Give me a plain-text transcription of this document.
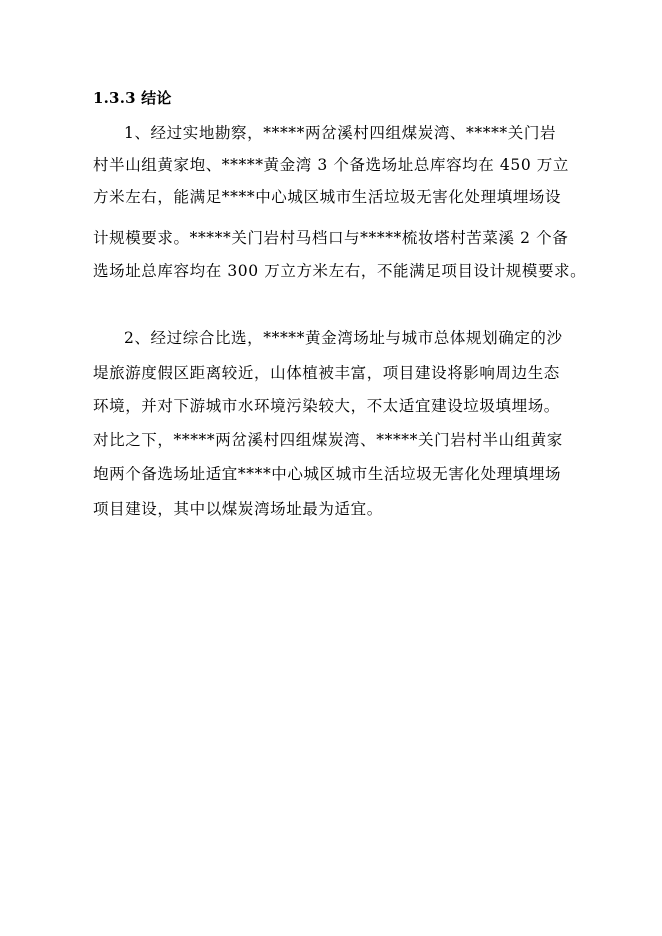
1.3.3 结论
1、经过实地勘察，*****两岔溪村四组煤炭湾、*****关门岩
村半山组黄家垉、*****黄金湾 3 个备选场址总库容均在 450 万立
方米左右，能满足****中心城区城市生活垃圾无害化处理填埋场设
计规模要求。*****关门岩村马档口与*****梳妆塔村苦菜溪 2 个备
选场址总库容均在 300 万立方米左右，不能满足项目设计规模要求。
2、经过综合比选，*****黄金湾场址与城市总体规划确定的沙
堤旅游度假区距离较近，山体植被丰富，项目建设将影响周边生态
环境，并对下游城市水环境污染较大，不太适宜建设垃圾填埋场。
对比之下，*****两岔溪村四组煤炭湾、*****关门岩村半山组黄家
垉两个备选场址适宜****中心城区城市生活垃圾无害化处理填埋场
项目建设，其中以煤炭湾场址最为适宜。
